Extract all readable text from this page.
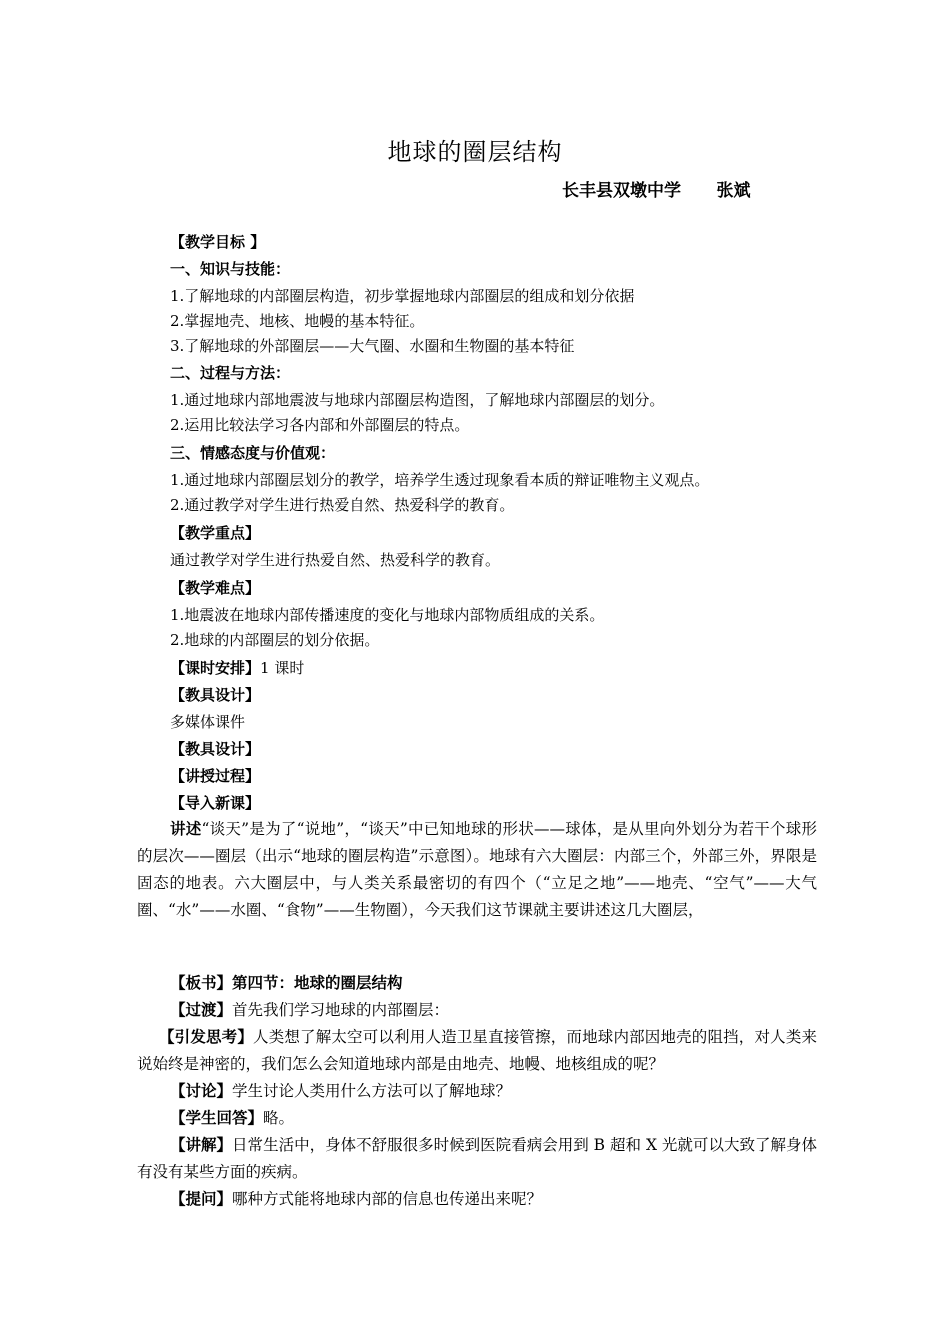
地球的圈层结构
长丰县双墩中学      张斌
【教学目标 】
一、知识与技能：
1.了解地球的内部圈层构造，初步掌握地球内部圈层的组成和划分依据
2.掌握地壳、地核、地幔的基本特征。
3.了解地球的外部圈层——大气圈、水圈和生物圈的基本特征
二、过程与方法：
1.通过地球内部地震波与地球内部圈层构造图，了解地球内部圈层的划分。
2.运用比较法学习各内部和外部圈层的特点。
三、情感态度与价值观：
1.通过地球内部圈层划分的教学，培养学生透过现象看本质的辩证唯物主义观点。
2.通过教学对学生进行热爱自然、热爱科学的教育。
【教学重点】
通过教学对学生进行热爱自然、热爱科学的教育。
【教学难点】
1.地震波在地球内部传播速度的变化与地球内部物质组成的关系。
2.地球的内部圈层的划分依据。
【课时安排】1 课时
【教具设计】
多媒体课件
【教具设计】
【讲授过程】
【导入新课】
讲述“谈天”是为了“说地”，“谈天”中已知地球的形状——球体，是从里向外划分为若干个球形的层次——圈层（出示“地球的圈层构造”示意图）。地球有六大圈层：内部三个，外部三外，界限是固态的地表。六大圈层中，与人类关系最密切的有四个（“立足之地”——地壳、“空气”——大气圈、“水”——水圈、“食物”——生物圈），今天我们这节课就主要讲述这几大圈层，
【板书】第四节：地球的圈层结构
【过渡】首先我们学习地球的内部圈层：
【引发思考】人类想了解太空可以利用人造卫星直接管擦，而地球内部因地壳的阻挡，对人类来说始终是神密的，我们怎么会知道地球内部是由地壳、地幔、地核组成的呢？
【讨论】学生讨论人类用什么方法可以了解地球？
【学生回答】略。
【讲解】日常生活中，身体不舒服很多时候到医院看病会用到 B 超和 X 光就可以大致了解身体有没有某些方面的疾病。
【提问】哪种方式能将地球内部的信息也传递出来呢？
